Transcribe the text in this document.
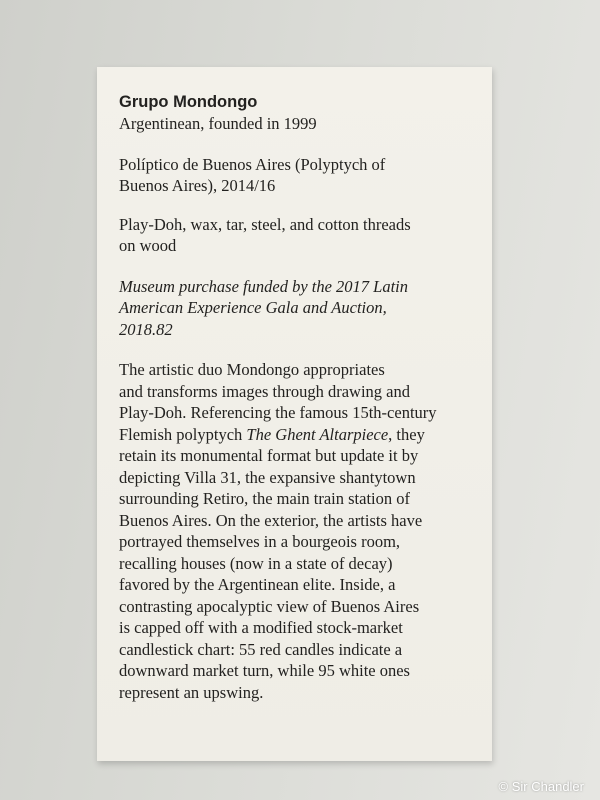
Grupo Mondongo

Argentinean, founded in 1999

Políptico de Buenos Aires (Polyptych of

Buenos Aires), 2014/16

Play-Doh, wax, tar, steel, and cotton threads

on wood

Museum purchase funded by the 2017 Latin

American Experience Gala and Auction,

2018.82

The artistic duo Mondongo appropriates
and transforms images through drawing and
Play-Doh. Referencing the famous 15th-century
Flemish polyptych The Ghent Altarpiece, they
retain its monumental format but update it by
depicting Villa 31, the expansive shantytown
surrounding Retiro, the main train station of
Buenos Aires. On the exterior, the artists have
portrayed themselves in a bourgeois room,
recalling houses (now in a state of decay)
favored by the Argentinean elite. Inside, a
contrasting apocalyptic view of Buenos Aires
is capped off with a modified stock-market
candlestick chart: 55 red candles indicate a
downward market turn, while 95 white ones
represent an upswing.
© Sir Chandler
